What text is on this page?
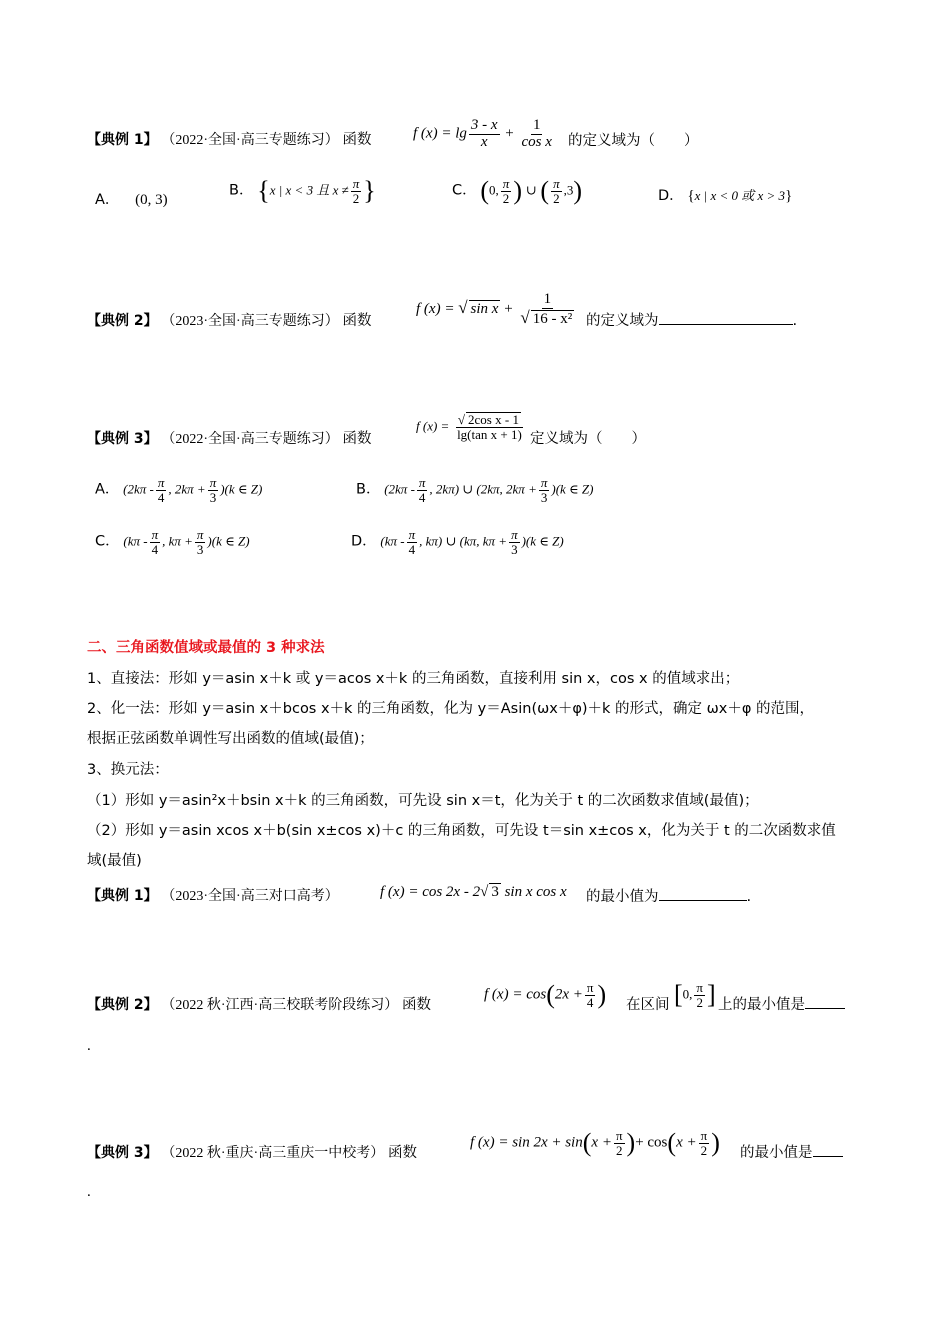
【典例 1】 （2022·全国·高三专题练习） 函数	f $(x) = \lg \frac{3 - x}{x} + \frac{1}{\text{cos x}}$ 的定义域为（　　）
A． (0, 3)
B． {x | x < 3 且 $x \ne \frac{\pi}{2}$ }	C． (0, $\frac{\pi}{2}$ ) ∪ ( $\frac{\pi}{2} ,3$)	D． {x | x < 0 或 x > 3}
【典例 2】 （2023·全国·高三专题练习） 函数
f (x) = √ $\sin x + \frac{1}{\text{√ 16 - x²}}$ 的定义域为	.
【典例 3】 （2022·全国·高三专题练习） 函数
f $(x) = \frac{\text{√ 2cos x - 1}}{\text{lg(tan x + 1)}}$ 定义域为（　　）
A． ($2k\pi - \frac{\pi}{4}$ , $2k\pi + \frac{\pi}{3} )(k$ ∈ Z)	B． ($2k\pi - \frac{\pi}{4}$ , 2kπ) ∪ (2kπ, $2k\pi + \frac{\pi}{3} )(k$ ∈ Z)
C． ($k\pi - \frac{\pi}{4}$ , $k\pi + \frac{\pi}{3} )(k$ ∈ Z)	D． ($k\pi - \frac{\pi}{4}$ , kπ) ∪ (kπ, $k\pi + \frac{\pi}{3} )(k$ ∈ Z)
二、三角函数值域或最值的 3 种求法
1、直接法：形如 y＝asin x＋k 或 y＝acos x＋k 的三角函数，直接利用 sin x，cos x 的值域求出；
2、化一法：形如 y＝asin x＋bcos x＋k 的三角函数，化为 y＝Asin(ωx＋φ)＋k 的形式，确定 ωx＋φ 的范围，
根据正弦函数单调性写出函数的值域(最值)；
3、换元法：
（1）形如 y＝asin²x＋bsin x＋k 的三角函数，可先设 sin x＝t，化为关于 t 的二次函数求值域(最值)；
（2）形如 y＝asin xcos x＋b(sin x±cos x)＋c 的三角函数，可先设 t＝sin x±cos x，化为关于 t 的二次函数求值
域(最值)
【典例 1】 （2023·全国·高三对口高考）	f (x) = cos 2x - 2√ 3 sin x cos x 的最小值为	.
【典例 2】 （2022 秋·江西·高三校联考阶段练习） 函数
f $(x) = \cos(2x + \frac{\pi}{4}$ ) 在区间 [0, $\frac{\pi}{2}$ ] 上的最小值是
.
【典例 3】 （2022 秋·重庆·高三重庆一中校考） 函数
f $(x) = \sin 2x + \sin(x + \frac{\pi}{2}$ )+ $\cos(x + \frac{\pi}{2}$ ) 的最小值是
.
